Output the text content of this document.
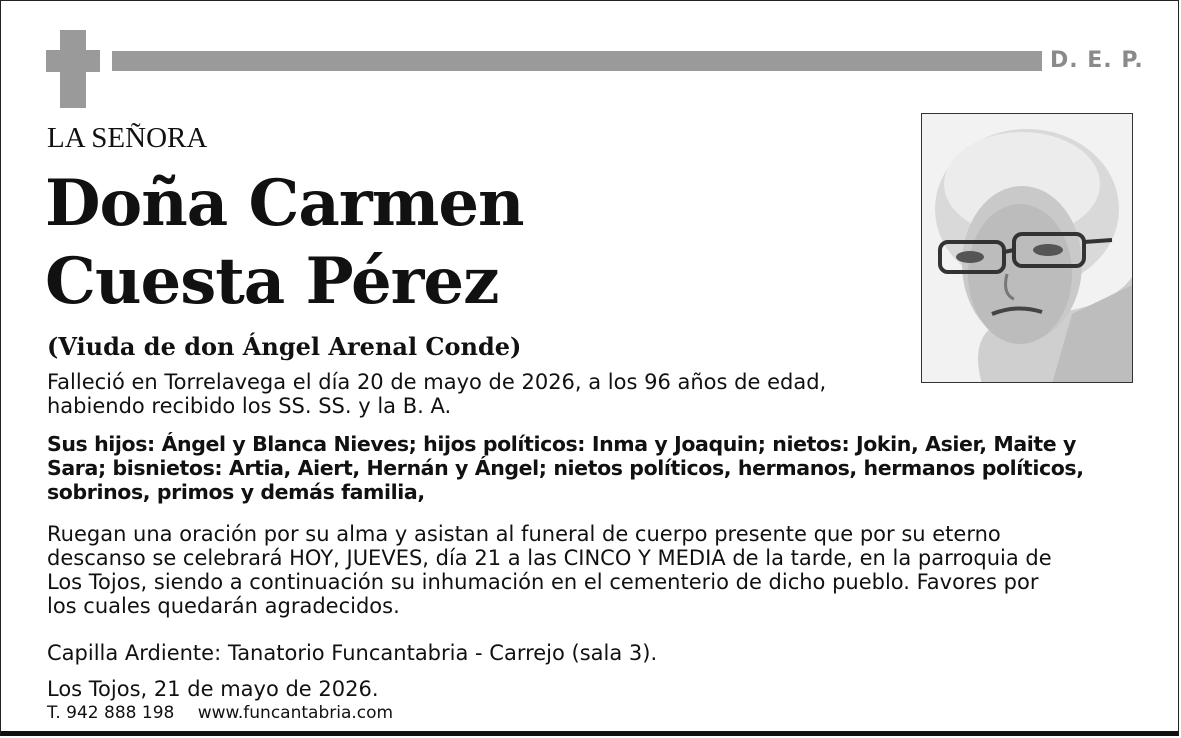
D. E. P.
LA SEÑORA
Doña Carmen
Cuesta Pérez
(Viuda de don Ángel Arenal Conde)
Falleció en Torrelavega el día 20 de mayo de 2026, a los 96 años de edad,
habiendo recibido los SS. SS. y la B. A.
Sus hijos: Ángel y Blanca Nieves; hijos políticos: Inma y Joaquin; nietos: Jokin, Asier, Maite y
Sara; bisnietos: Artia, Aiert, Hernán y Ángel; nietos políticos, hermanos, hermanos políticos,
sobrinos, primos y demás familia,
Ruegan una oración por su alma y asistan al funeral de cuerpo presente que por su eterno
descanso se celebrará HOY, JUEVES, día 21 a las CINCO Y MEDIA de la tarde, en la parroquia de
Los Tojos, siendo a continuación su inhumación en el cementerio de dicho pueblo. Favores por
los cuales quedarán agradecidos.
Capilla Ardiente: Tanatorio Funcantabria - Carrejo (sala 3).
Los Tojos, 21 de mayo de 2026.
T. 942 888 198 www.funcantabria.com
